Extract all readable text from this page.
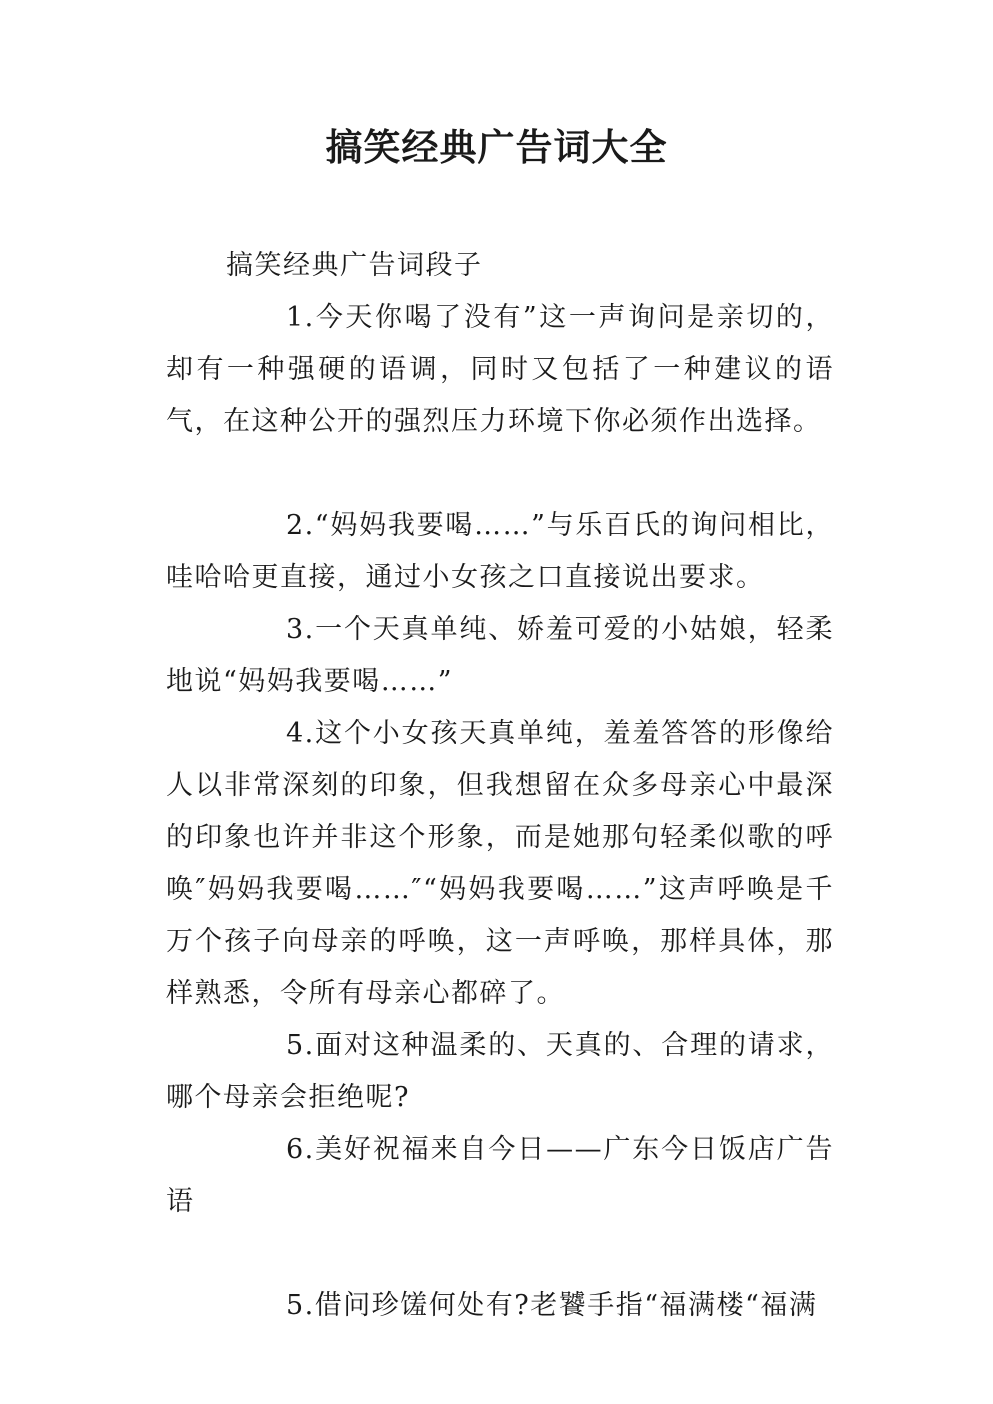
搞笑经典广告词大全

搞笑经典广告词段子

1.今天你喝了没有”这一声询问是亲切的，却有一种强硬的语调，同时又包括了一种建议的语气，在这种公开的强烈压力环境下你必须作出选择。

2.“妈妈我要喝……”与乐百氏的询问相比，哇哈哈更直接，通过小女孩之口直接说出要求。

3.一个天真单纯、娇羞可爱的小姑娘，轻柔地说“妈妈我要喝……”

4.这个小女孩天真单纯，羞羞答答的形像给人以非常深刻的印象，但我想留在众多母亲心中最深的印象也许并非这个形象，而是她那句轻柔似歌的呼唤″妈妈我要喝……″“妈妈我要喝……”这声呼唤是千万个孩子向母亲的呼唤，这一声呼唤，那样具体，那样熟悉，令所有母亲心都碎了。

5.面对这种温柔的、天真的、合理的请求，哪个母亲会拒绝呢?

6.美好祝福来自今日——广东今日饭店广告语

5.借问珍馐何处有?老饕手指“福满楼“福满
